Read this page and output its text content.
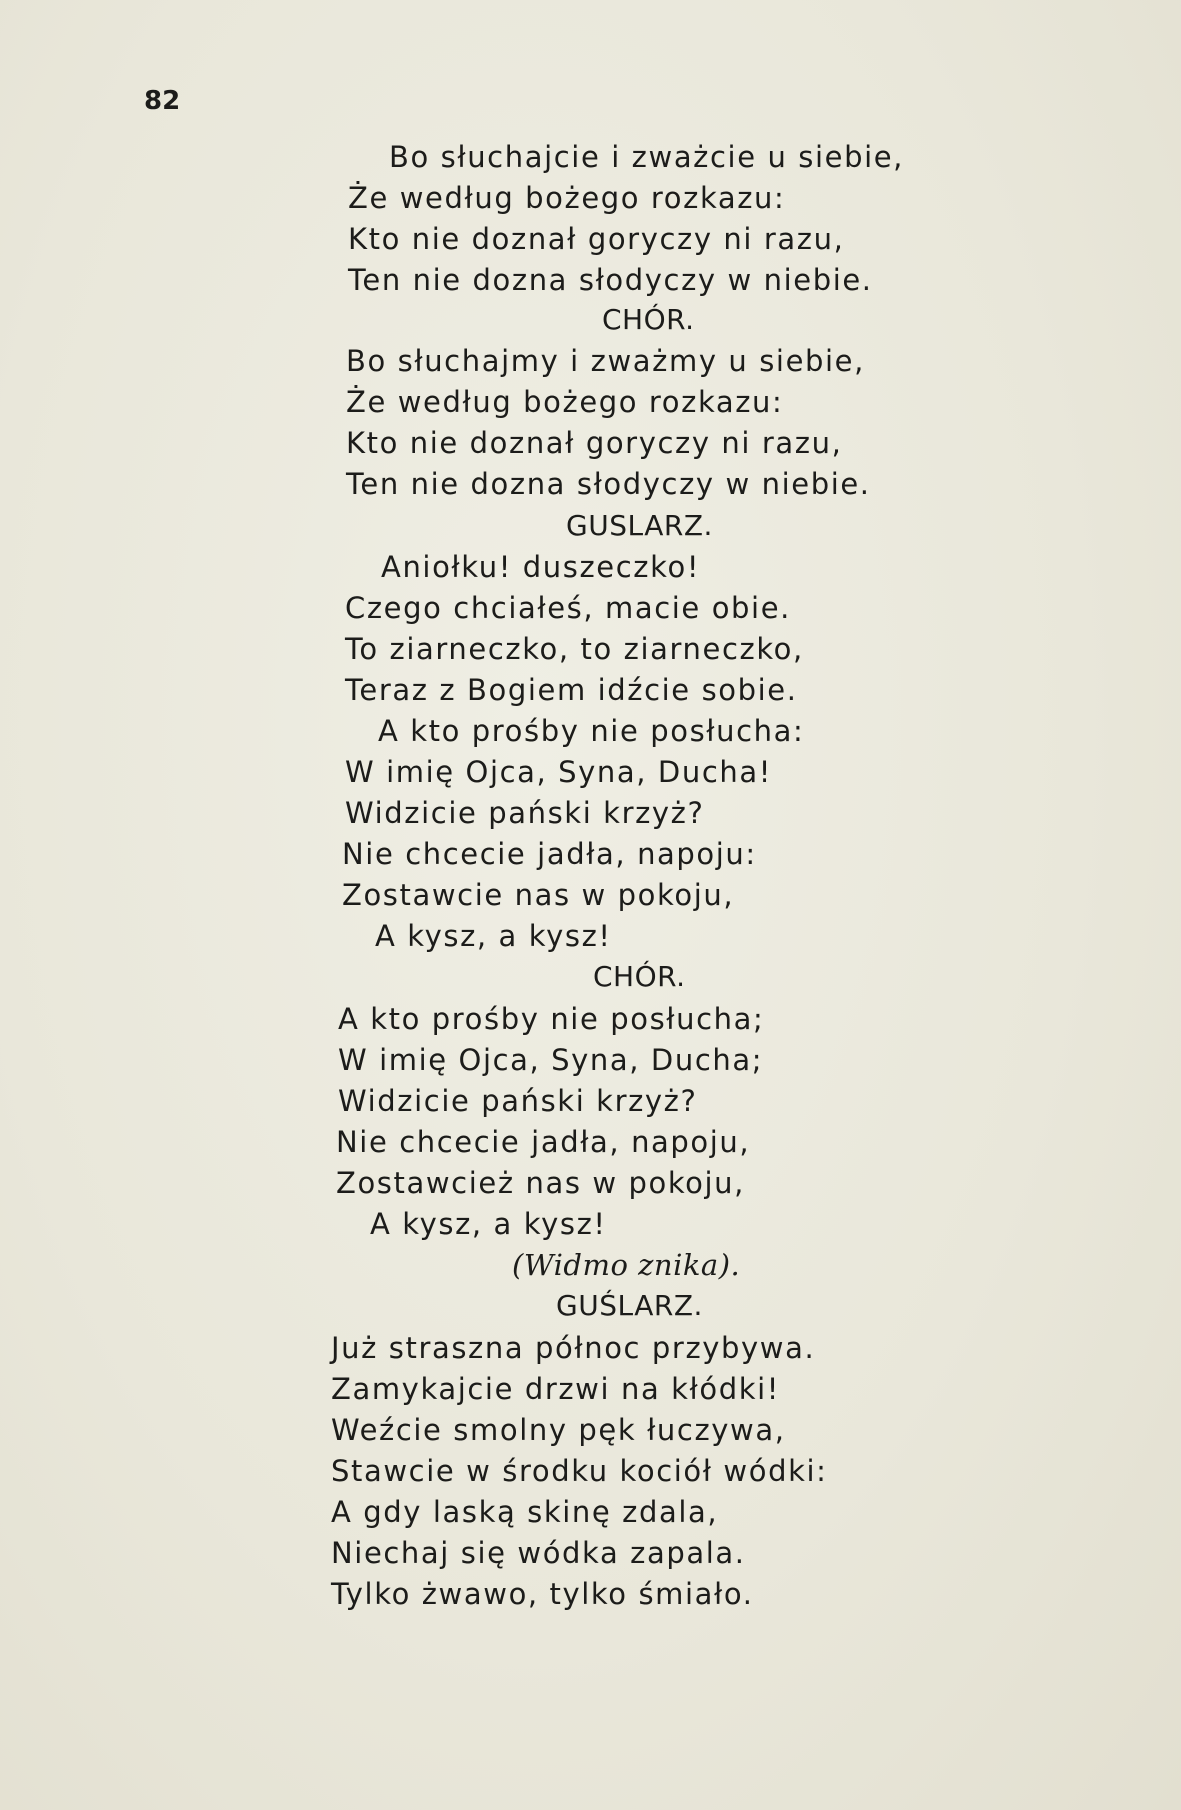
82
Bo słuchajcie i zważcie u siebie,
Że według bożego rozkazu:
Kto nie doznał goryczy ni razu,
Ten nie dozna słodyczy w niebie.
CHÓR.
Bo słuchajmy i zważmy u siebie,
Że według bożego rozkazu:
Kto nie doznał goryczy ni razu,
Ten nie dozna słodyczy w niebie.
GUSLARZ.
Aniołku! duszeczko!
Czego chciałeś, macie obie.
To ziarneczko, to ziarneczko,
Teraz z Bogiem idźcie sobie.
A kto prośby nie posłucha:
W imię Ojca, Syna, Ducha!
Widzicie pański krzyż?
Nie chcecie jadła, napoju:
Zostawcie nas w pokoju,
A kysz, a kysz!
CHÓR.
A kto prośby nie posłucha;
W imię Ojca, Syna, Ducha;
Widzicie pański krzyż?
Nie chcecie jadła, napoju,
Zostawcież nas w pokoju,
A kysz, a kysz!
(Widmo znika).
GUŚLARZ.
Już straszna północ przybywa.
Zamykajcie drzwi na kłódki!
Weźcie smolny pęk łuczywa,
Stawcie w środku kociół wódki:
A gdy laską skinę zdala,
Niechaj się wódka zapala.
Tylko żwawo, tylko śmiało.
